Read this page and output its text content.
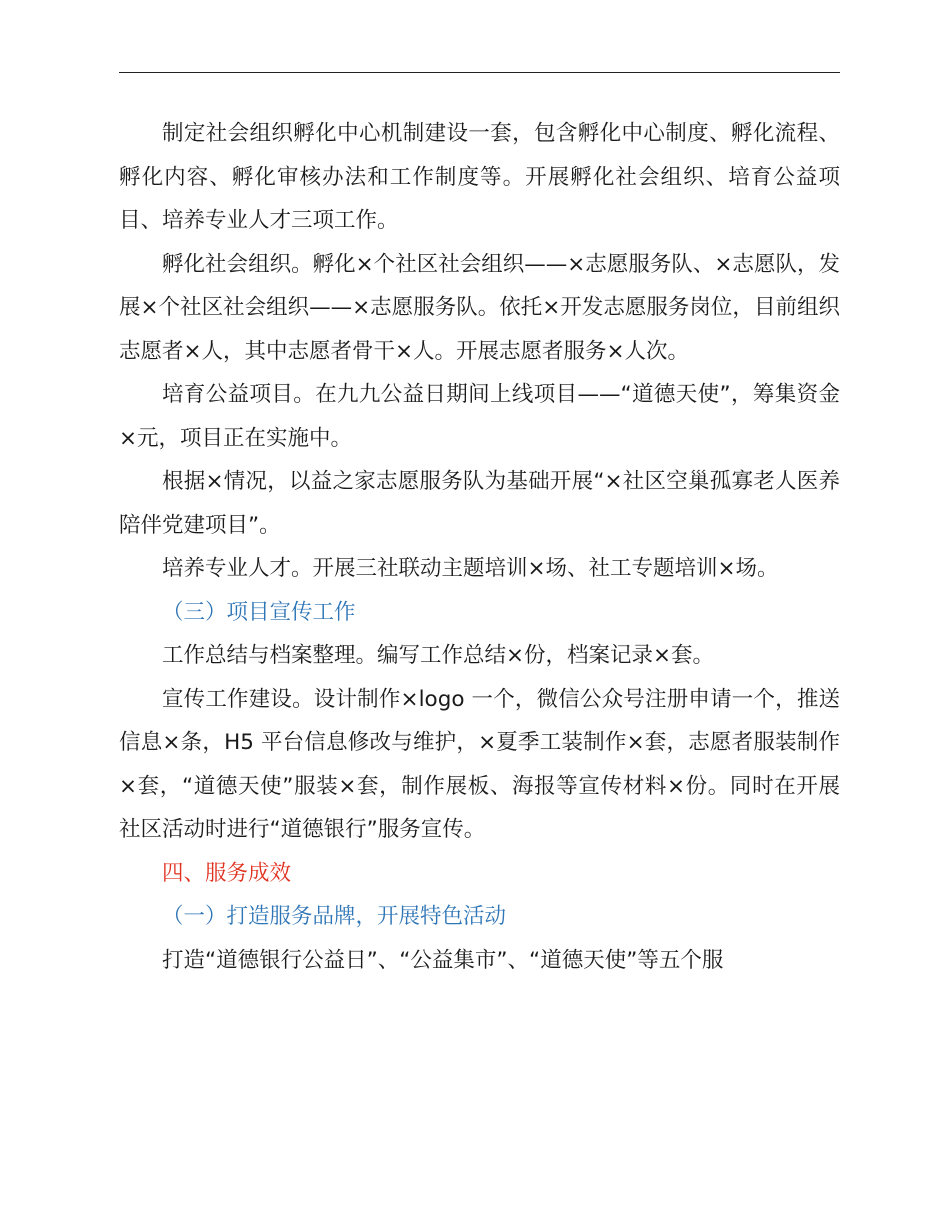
制定社会组织孵化中心机制建设一套，包含孵化中心制度、孵化流程、孵化内容、孵化审核办法和工作制度等。开展孵化社会组织、培育公益项目、培养专业人才三项工作。

孵化社会组织。孵化×个社区社会组织——×志愿服务队、×志愿队，发展×个社区社会组织——×志愿服务队。依托×开发志愿服务岗位，目前组织志愿者×人，其中志愿者骨干×人。开展志愿者服务×人次。

培育公益项目。在九九公益日期间上线项目——“道德天使”，筹集资金×元，项目正在实施中。

根据×情况，以益之家志愿服务队为基础开展“×社区空巢孤寡老人医养陪伴党建项目”。

培养专业人才。开展三社联动主题培训×场、社工专题培训×场。

（三）项目宣传工作

工作总结与档案整理。编写工作总结×份，档案记录×套。

宣传工作建设。设计制作×logo 一个，微信公众号注册申请一个，推送信息×条，H5 平台信息修改与维护，×夏季工装制作×套，志愿者服装制作×套，“道德天使”服装×套，制作展板、海报等宣传材料×份。同时在开展社区活动时进行“道德银行”服务宣传。

四、服务成效

（一）打造服务品牌，开展特色活动

打造“道德银行公益日”、“公益集市”、“道德天使”等五个服
